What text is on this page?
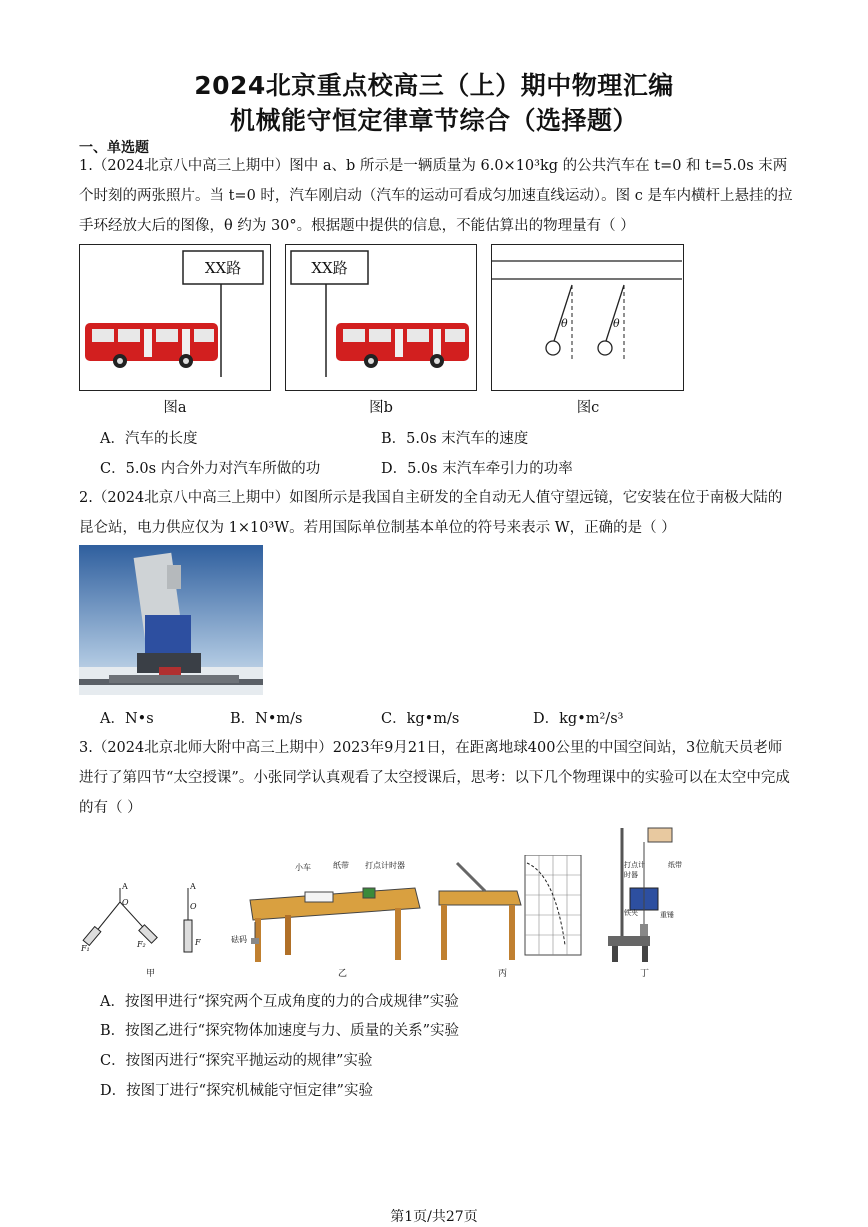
2024北京重点校高三（上）期中物理汇编
机械能守恒定律章节综合（选择题）
一、单选题
1.（2024北京八中高三上期中）图中 a、b 所示是一辆质量为 6.0×10³kg 的公共汽车在 t=0 和 t=5.0s 末两个时刻的两张照片。当 t=0 时，汽车刚启动（汽车的运动可看成匀加速直线运动）。图 c 是车内横杆上悬挂的拉手环经放大后的图像，θ 约为 30°。根据题中提供的信息，不能估算出的物理量有（ ）
XX路	XX路
θ	θ
图a	图b	图c
A．汽车的长度	B．5.0s 末汽车的速度
C．5.0s 内合外力对汽车所做的功	D．5.0s 末汽车牵引力的功率
2.（2024北京八中高三上期中）如图所示是我国自主研发的全自动无人值守望远镜，它安装在位于南极大陆的昆仑站，电力供应仅为 1×10³W。若用国际单位制基本单位的符号来表示 W，正确的是（ ）
A．N•s	B．N•m/s	C．kg•m/s	D．kg•m²/s³
3.（2024北京北师大附中高三上期中）2023年9月21日，在距离地球400公里的中国空间站，3位航天员老师进行了第四节“太空授课”。小张同学认真观看了太空授课后，思考：以下几个物理课中的实验可以在太空中完成的有（ ）
A
O
F₁	F₂
A
O
F
小车	纸带 打点计时器
砝码
打点计时器
纸带
铁夹	重锤
甲	乙	丙	丁
A．按图甲进行“探究两个互成角度的力的合成规律”实验
B．按图乙进行“探究物体加速度与力、质量的关系”实验
C．按图丙进行“探究平抛运动的规律”实验
D．按图丁进行“探究机械能守恒定律”实验
第1页/共27页
